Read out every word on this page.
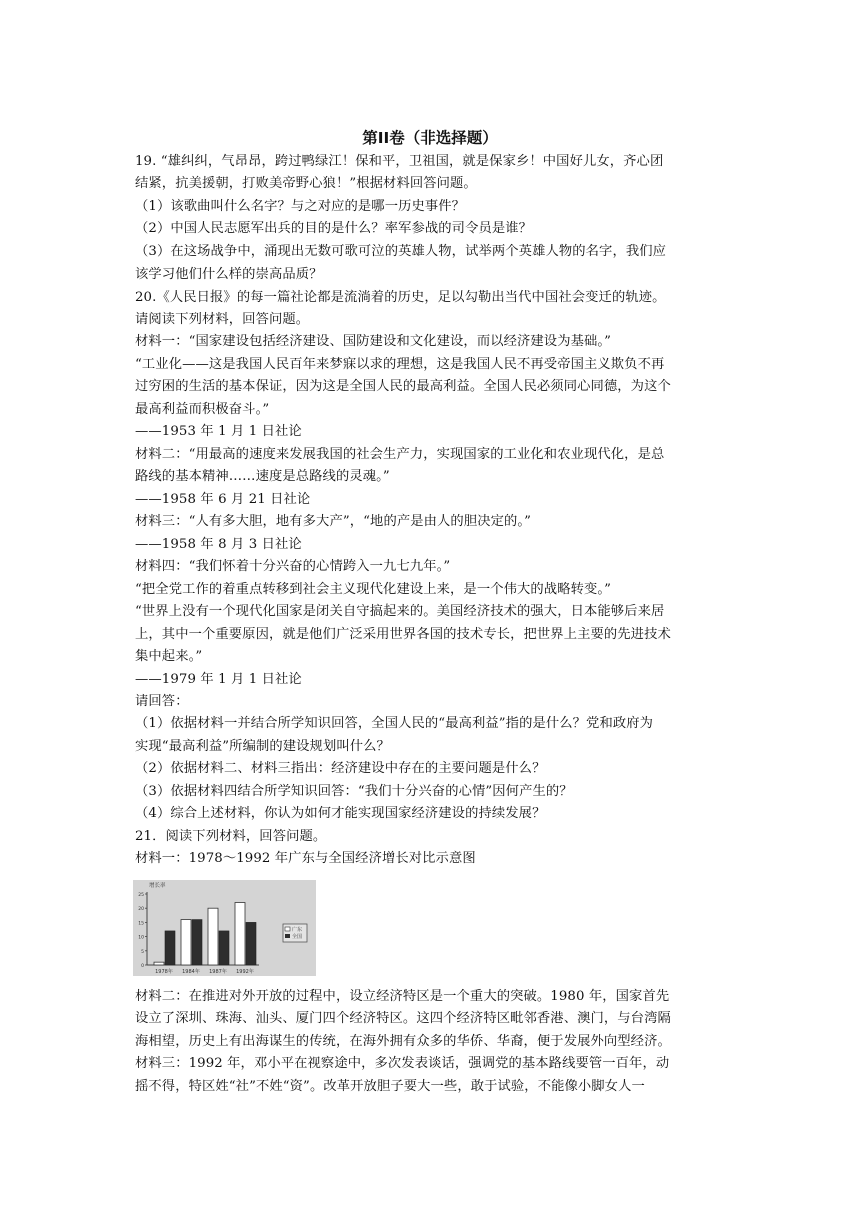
第II卷（非选择题）
19. “雄纠纠，气昂昂，跨过鸭绿江！保和平，卫祖国，就是保家乡！中国好儿女，齐心团
结紧，抗美援朝，打败美帝野心狼！”根据材料回答问题。
（1）该歌曲叫什么名字？与之对应的是哪一历史事件？
（2）中国人民志愿军出兵的目的是什么？率军参战的司令员是谁？
（3）在这场战争中，涌现出无数可歌可泣的英雄人物，试举两个英雄人物的名字，我们应
该学习他们什么样的崇高品质？
20.《人民日报》的每一篇社论都是流淌着的历史，足以勾勒出当代中国社会变迁的轨迹。
请阅读下列材料，回答问题。
材料一：“国家建设包括经济建设、国防建设和文化建设，而以经济建设为基础。”
“工业化——这是我国人民百年来梦寐以求的理想，这是我国人民不再受帝国主义欺负不再
过穷困的生活的基本保证，因为这是全国人民的最高利益。全国人民必须同心同德，为这个
最高利益而积极奋斗。”
——1953 年 1 月 1 日社论
材料二：“用最高的速度来发展我国的社会生产力，实现国家的工业化和农业现代化，是总
路线的基本精神……速度是总路线的灵魂。”
——1958 年 6 月 21 日社论
材料三：“人有多大胆，地有多大产”，“地的产是由人的胆决定的。”
——1958 年 8 月 3 日社论
材料四：“我们怀着十分兴奋的心情跨入一九七九年。”
“把全党工作的着重点转移到社会主义现代化建设上来，是一个伟大的战略转变。”
“世界上没有一个现代化国家是闭关自守搞起来的。美国经济技术的强大，日本能够后来居
上，其中一个重要原因，就是他们广泛采用世界各国的技术专长，把世界上主要的先进技术
集中起来。”
——1979 年 1 月 1 日社论
请回答：
（1）依据材料一并结合所学知识回答，全国人民的“最高利益”指的是什么？党和政府为
实现“最高利益”所编制的建设规划叫什么？
（2）依据材料二、材料三指出：经济建设中存在的主要问题是什么？
（3）依据材料四结合所学知识回答：“我们十分兴奋的心情”因何产生的？
（4）综合上述材料，你认为如何才能实现国家经济建设的持续发展？
21．阅读下列材料，回答问题。
材料一：1978～1992 年广东与全国经济增长对比示意图
0
5
10
15
20
25
增长率
1978年 1984年 1987年 1992年
广东
全国
材料二：在推进对外开放的过程中，设立经济特区是一个重大的突破。1980 年，国家首先
设立了深圳、珠海、汕头、厦门四个经济特区。这四个经济特区毗邻香港、澳门，与台湾隔
海相望，历史上有出海谋生的传统，在海外拥有众多的华侨、华裔，便于发展外向型经济。
材料三：1992 年，邓小平在视察途中，多次发表谈话，强调党的基本路线要管一百年，动
摇不得，特区姓“社”不姓“资”。改革开放胆子要大一些，敢于试验，不能像小脚女人一
